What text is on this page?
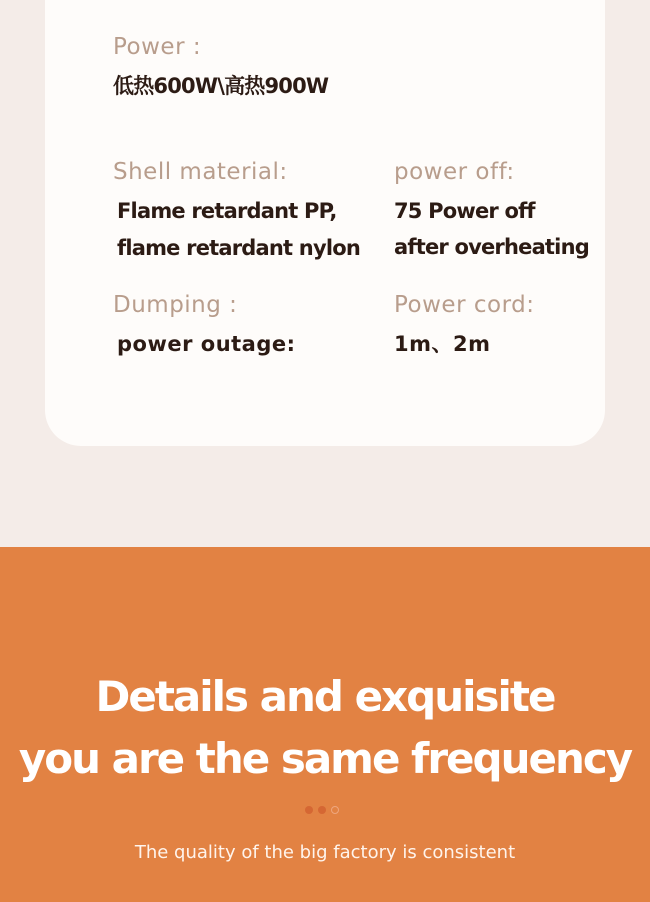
Power :
低热600W\高热900W
Shell material:
Flame retardant PP,
flame retardant nylon
power off:
75 Power off
after overheating
Dumping :
power outage:
Power cord:
1m、2m
Details and exquisite
you are the same frequency
The quality of the big factory is consistent
